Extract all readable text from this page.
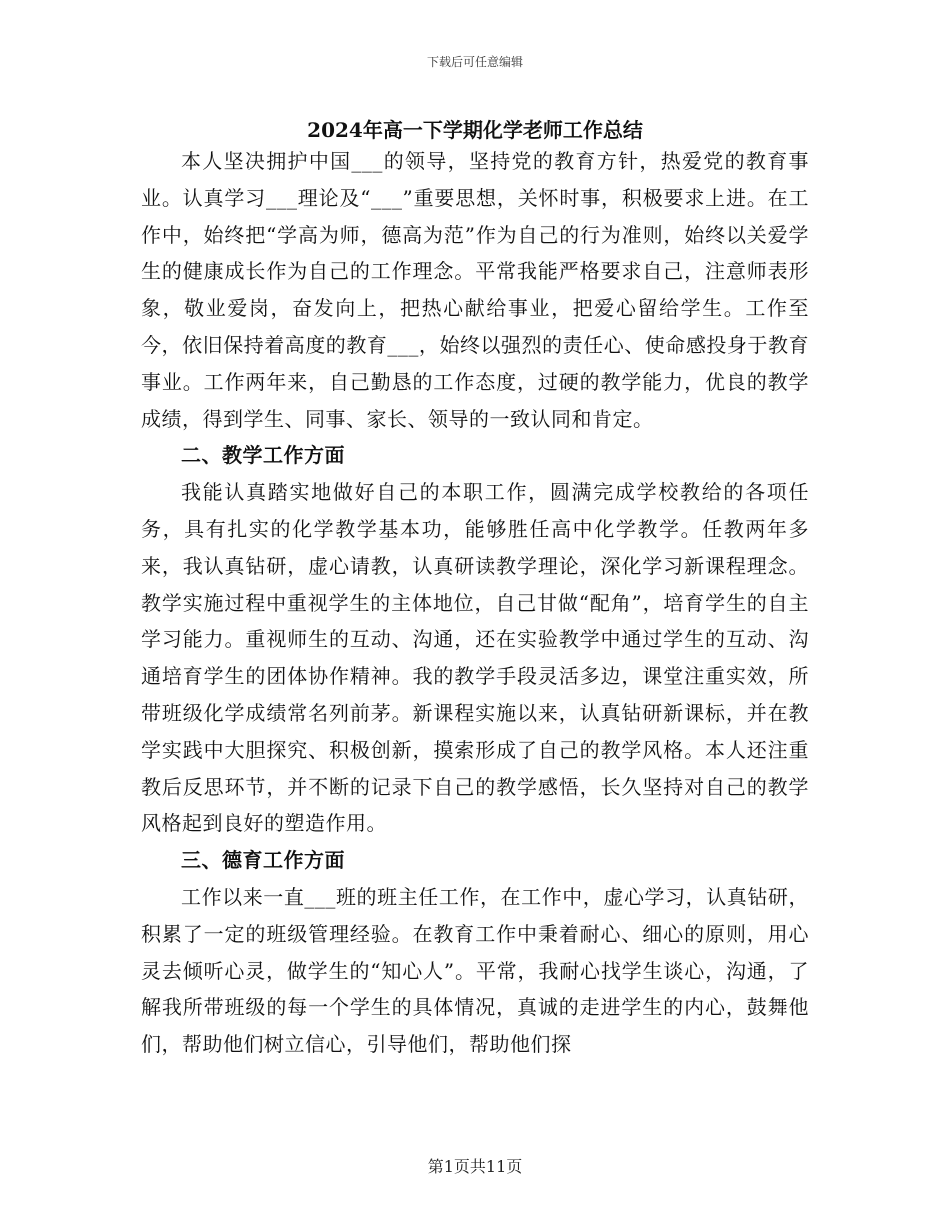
下载后可任意编辑
2024年高一下学期化学老师工作总结

本人坚决拥护中国___的领导，坚持党的教育方针，热爱党的教育事业。认真学习___理论及“___”重要思想，关怀时事，积极要求上进。在工作中，始终把“学高为师，德高为范”作为自己的行为准则，始终以关爱学生的健康成长作为自己的工作理念。平常我能严格要求自己，注意师表形象，敬业爱岗，奋发向上，把热心献给事业，把爱心留给学生。工作至今，依旧保持着高度的教育___，始终以强烈的责任心、使命感投身于教育事业。工作两年来，自己勤恳的工作态度，过硬的教学能力，优良的教学成绩，得到学生、同事、家长、领导的一致认同和肯定。

二、教学工作方面

我能认真踏实地做好自己的本职工作，圆满完成学校教给的各项任务，具有扎实的化学教学基本功，能够胜任高中化学教学。任教两年多来，我认真钻研，虚心请教，认真研读教学理论，深化学习新课程理念。教学实施过程中重视学生的主体地位，自己甘做“配角”，培育学生的自主学习能力。重视师生的互动、沟通，还在实验教学中通过学生的互动、沟通培育学生的团体协作精神。我的教学手段灵活多边，课堂注重实效，所带班级化学成绩常名列前茅。新课程实施以来，认真钻研新课标，并在教学实践中大胆探究、积极创新，摸索形成了自己的教学风格。本人还注重教后反思环节，并不断的记录下自己的教学感悟，长久坚持对自己的教学风格起到良好的塑造作用。

三、德育工作方面

工作以来一直___班的班主任工作，在工作中，虚心学习，认真钻研，积累了一定的班级管理经验。在教育工作中秉着耐心、细心的原则，用心灵去倾听心灵，做学生的“知心人”。平常，我耐心找学生谈心，沟通，了解我所带班级的每一个学生的具体情况，真诚的走进学生的内心，鼓舞他们，帮助他们树立信心，引导他们，帮助他们探

第1页共11页
